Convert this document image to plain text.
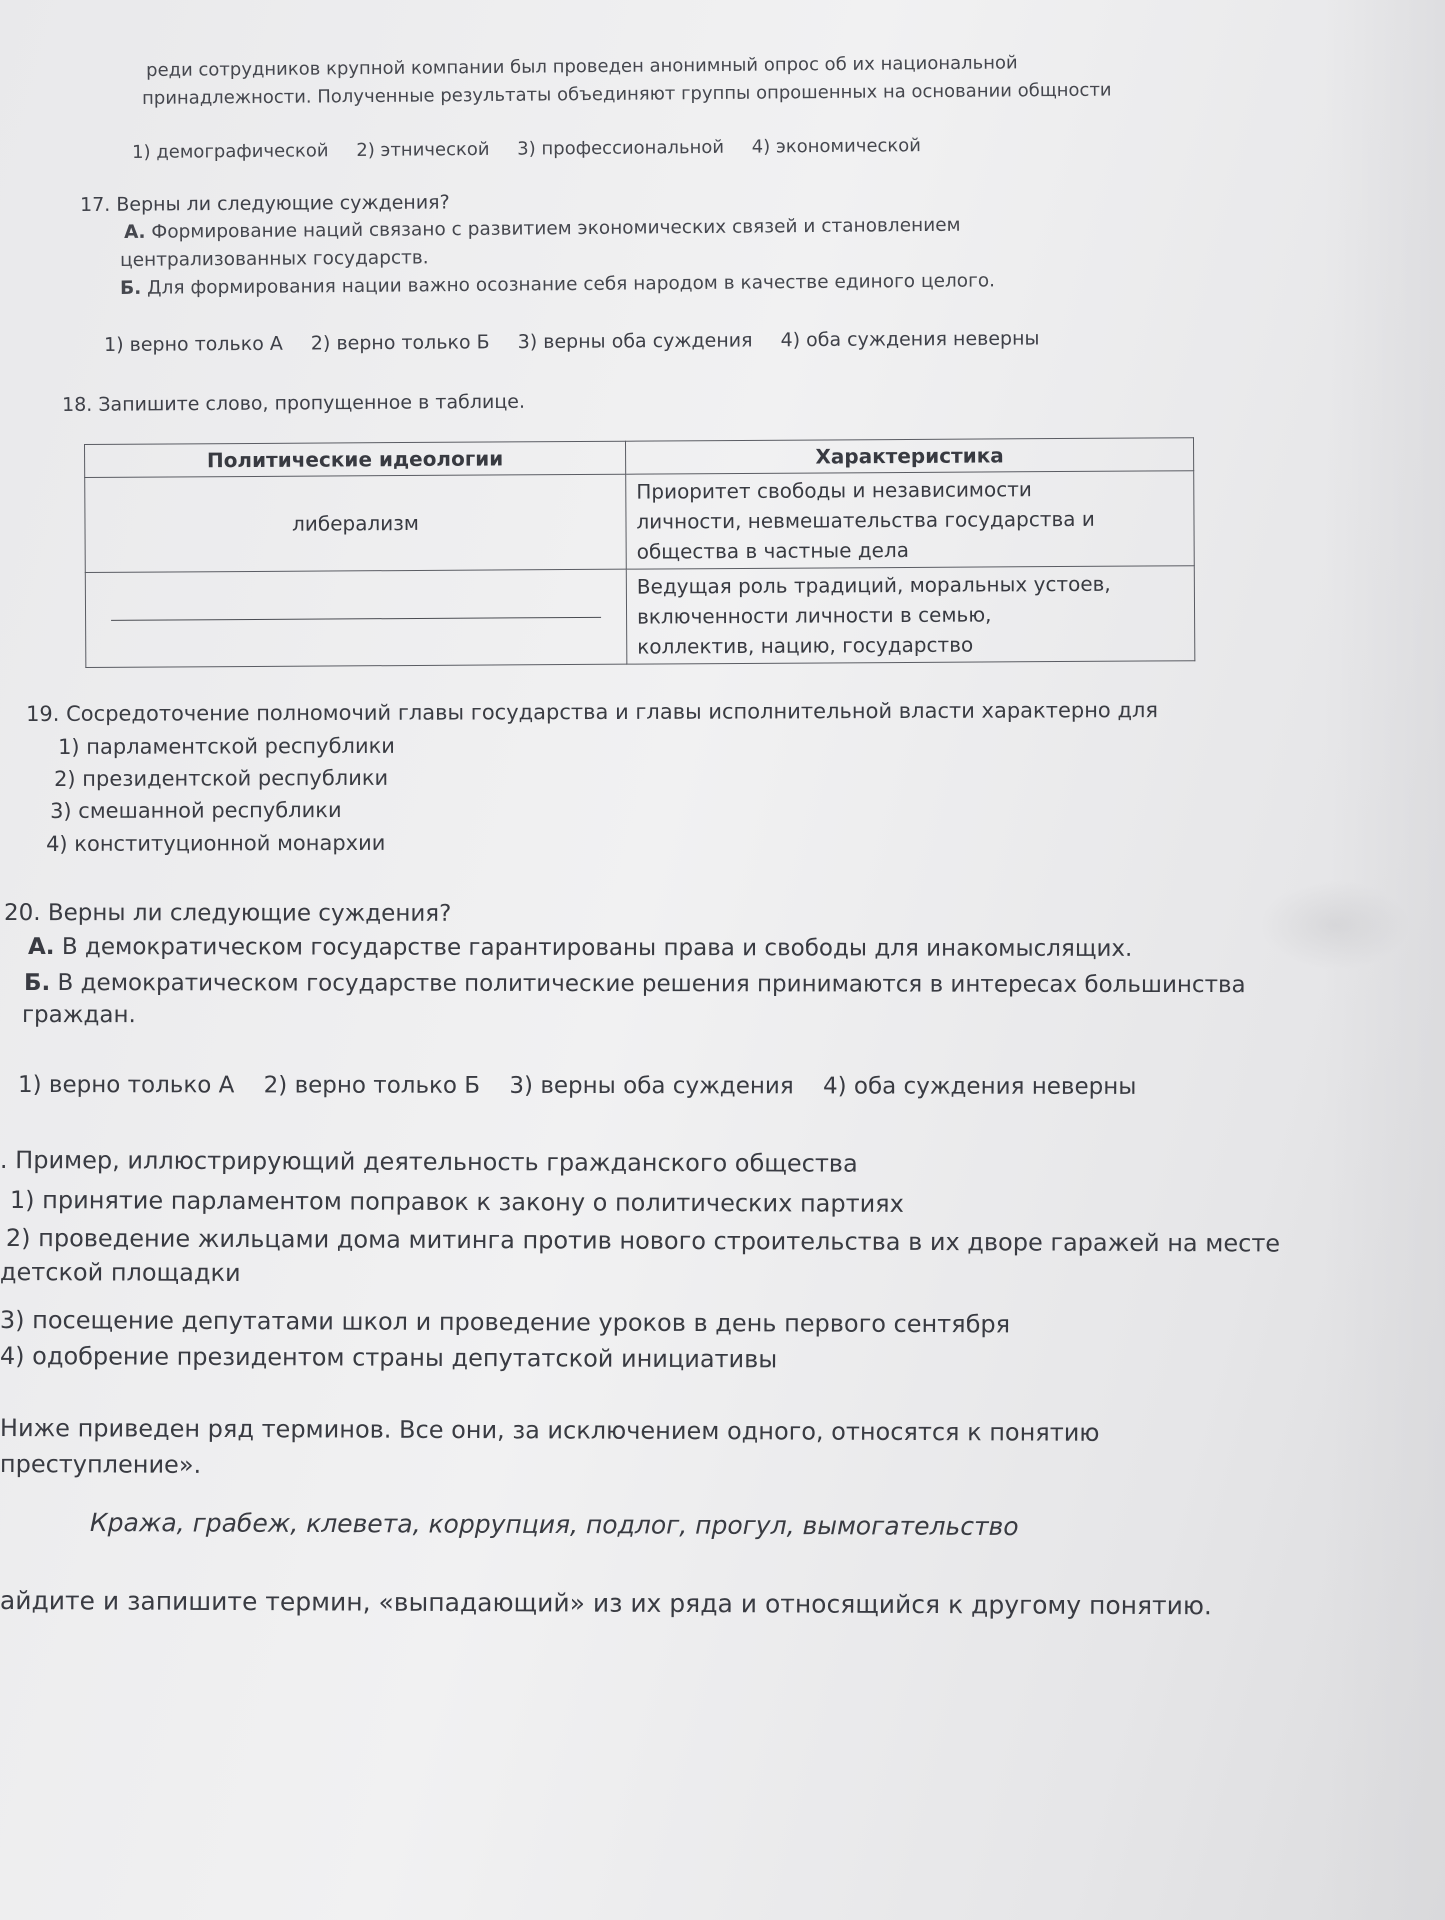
реди сотрудников крупной компании был проведен анонимный опрос об их национальной
принадлежности. Полученные результаты объединяют группы опрошенных на основании общности
1) демографической 2) этнической 3) профессиональной 4) экономической
17. Верны ли следующие суждения?
А. Формирование наций связано с развитием экономических связей и становлением
централизованных государств.
Б. Для формирования нации важно осознание себя народом в качестве единого целого.
1) верно только А 2) верно только Б 3) верны оба суждения 4) оба суждения неверны
18. Запишите слово, пропущенное в таблице.
Политические идеологии	Характеристика
либерализм	Приоритет свободы и независимости
личности, невмешательства государства и
общества в частные дела

	Ведущая роль традиций, моральных устоев,
включенности личности в семью,
коллектив, нацию, государство
19. Сосредоточение полномочий главы государства и главы исполнительной власти характерно для
1) парламентской республики
2) президентской республики
3) смешанной республики
4) конституционной монархии
20. Верны ли следующие суждения?
А. В демократическом государстве гарантированы права и свободы для инакомыслящих.
Б. В демократическом государстве политические решения принимаются в интересах большинства
граждан.
1) верно только А 2) верно только Б 3) верны оба суждения 4) оба суждения неверны
. Пример, иллюстрирующий деятельность гражданского общества
1) принятие парламентом поправок к закону о политических партиях
2) проведение жильцами дома митинга против нового строительства в их дворе гаражей на месте
детской площадки
3) посещение депутатами школ и проведение уроков в день первого сентября
4) одобрение президентом страны депутатской инициативы
Ниже приведен ряд терминов. Все они, за исключением одного, относятся к понятию
преступление».
Кража, грабеж, клевета, коррупция, подлог, прогул, вымогательство
айдите и запишите термин, «выпадающий» из их ряда и относящийся к другому понятию.
